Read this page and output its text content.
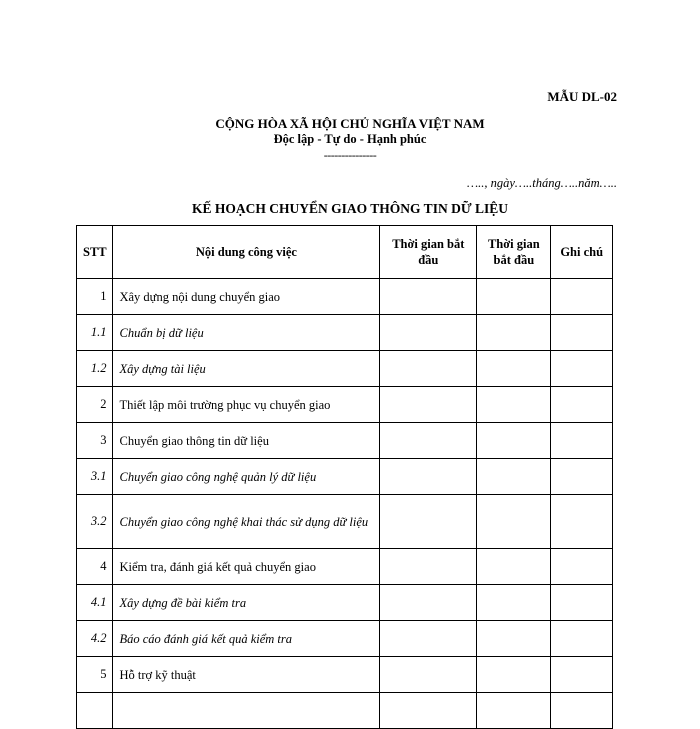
MẪU DL-02
CỘNG HÒA XÃ HỘI CHỦ NGHĨA VIỆT NAM
Độc lập - Tự do - Hạnh phúc
---------------
….., ngày…..tháng…..năm…..
KẾ HOẠCH CHUYỂN GIAO THÔNG TIN DỮ LIỆU
STT	Nội dung công việc	Thời gian bắt đầu	Thời gian bắt đầu	Ghi chú
1	Xây dựng nội dung chuyển giao			
1.1	Chuẩn bị dữ liệu			
1.2	Xây dựng tài liệu			
2	Thiết lập môi trường phục vụ chuyển giao			
3	Chuyển giao thông tin dữ liệu			
3.1	Chuyển giao công nghệ quản lý dữ liệu			
3.2	Chuyển giao công nghệ khai thác sử dụng dữ liệu			
4	Kiểm tra, đánh giá kết quả chuyển giao			
4.1	Xây dựng đề bài kiểm tra			
4.2	Báo cáo đánh giá kết quả kiểm tra			
5	Hỗ trợ kỹ thuật			
